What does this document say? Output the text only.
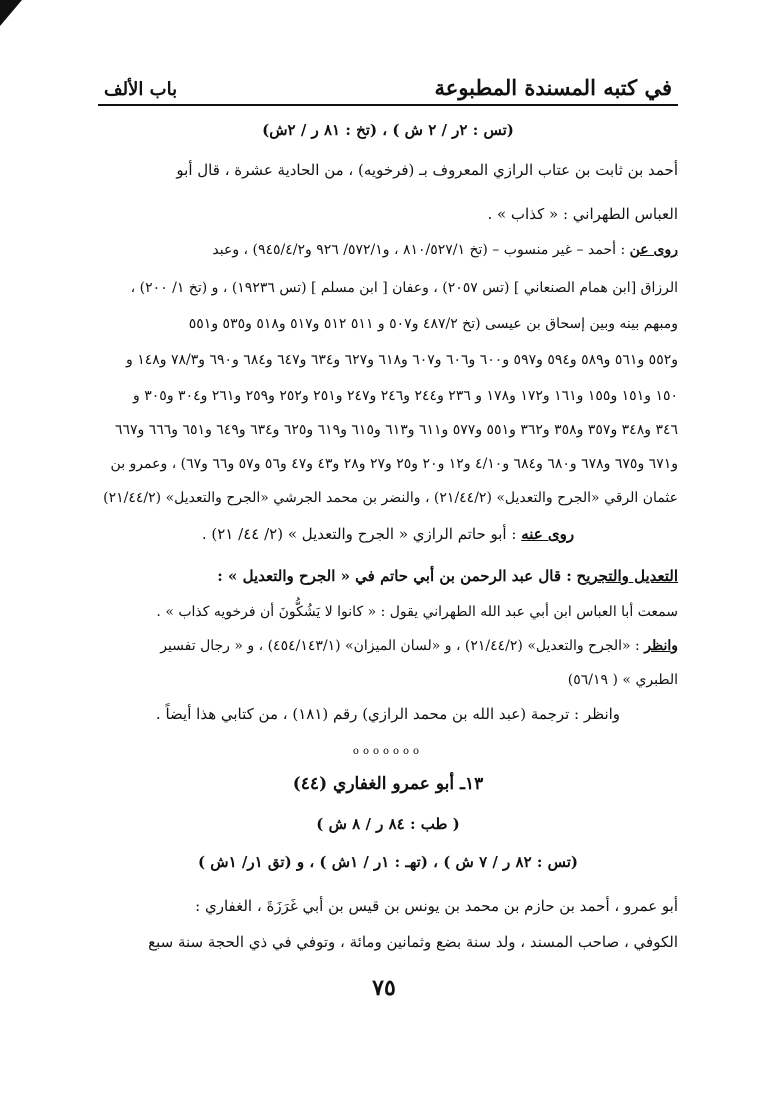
في كتبه المسندة المطبوعة
باب الألف
(تس : ٢ر / ٢ ش ) ، (تخ : ٨١ ر / ٢ش)
أحمد بن ثابت بن عتاب الرازي المعروف بـ (فرخويه) ، من الحادية عشرة ، قال أبو
العباس الطهراني : « كذاب » .
روى عن : أحمد – غير منسوب – (تخ ٨١٠/٥٢٧/١ ، و٥٧٢/١/ ٩٢٦ و٩٤٥/٤/٢) ، وعبد
الرزاق [ابن همام الصنعاني ] (تس ٢٠٥٧) ، وعفان [ ابن مسلم ] (تس ١٩٢٣٦) ، و (تخ ١/ ٢٠٠) ،
ومبهم بينه وبين إسحاق بن عيسى (تخ ٤٨٧/٢ و٥٠٧ و ٥١١ ٥١٢ و٥١٧ و٥١٨ و٥٣٥ و٥٥١
و٥٥٢ و٥٦١ و٥٨٩ و٥٩٤ و٥٩٧ و٦٠٠ و٦٠٦ و٦٠٧ و٦١٨ و٦٢٧ و٦٣٤ و٦٤٧ و٦٨٤ و٦٩٠ و٧٨/٣ و١٤٨ و
١٥٠ و١٥١ و١٥٥ و١٦١ و١٧٢ و١٧٨ و ٢٣٦ و٢٤٤ و٢٤٦ و٢٤٧ و٢٥١ و٢٥٢ و٢٥٩ و٢٦١ و٣٠٤ و٣٠٥ و
٣٤٦ و٣٤٨ و٣٥٧ و٣٥٨ و٣٦٢ و٥٥١ و٥٧٧ و٦١١ و٦١٣ و٦١٥ و٦١٩ و٦٢٥ و٦٣٤ و٦٤٩ و٦٥١ و٦٦٦ و٦٦٧
و٦٧١ و٦٧٥ و٦٧٨ و٦٨٠ و٦٨٤ و٤/١٠ و١٢ و٢٠ و٢٥ و٢٧ و٢٨ و٤٣ و٤٧ و٥٦ و٥٧ و٦٦ و٦٧) ، وعمرو بن
عثمان الرقي «الجرح والتعديل» (٢١/٤٤/٢) ، والنضر بن محمد الجرشي «الجرح والتعديل» (٢١/٤٤/٢)
روى عنه : أبو حاتم الرازي « الجرح والتعديل » (٢/ ٤٤/ ٢١) .
التعديل والتجريح : قال عبد الرحمن بن أبي حاتم في « الجرح والتعديل » :
سمعت أبا العباس ابن أبي عبد الله الطهراني يقول : « كانوا لا يَشُكُّونَ أن فرخويه كذاب » .
وانظر : «الجرح والتعديل» (٢١/٤٤/٢) ، و «لسان الميزان» (٤٥٤/١٤٣/١) ، و « رجال تفسير
الطبري » ( ٥٦/١٩)
وانظر : ترجمة (عبد الله بن محمد الرازي) رقم (١٨١) ، من كتابي هذا أيضاً .
ooooooo
١٣ـ أبو عمرو الغفاري (٤٤)
( طب : ٨٤ ر / ٨ ش )
(تس : ٨٢ ر / ٧ ش ) ، (تهـ : ١ر / ١ش ) ، و (تق ١ر/ ١ش )
أبو عمرو ، أحمد بن حازم بن محمد بن يونس بن قيس بن أبي غَرَزَةَ ، الغفاري :
الكوفي ، صاحب المسند ، ولد سنة بضع وثمانين ومائة ، وتوفي في ذي الحجة سنة سبع
٧٥
